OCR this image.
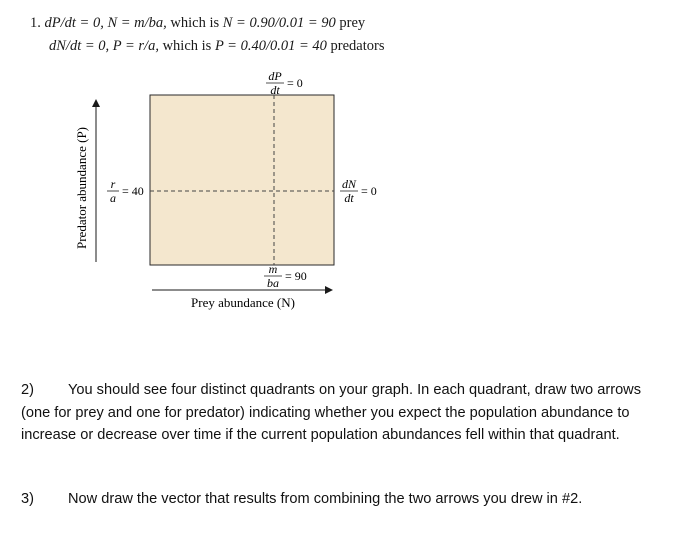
1. dP/dt = 0, N = m/ba, which is N = 0.90/0.01 = 90 prey
dN/dt = 0, P = r/a, which is P = 0.40/0.01 = 40 predators
dP
dt = 0
dN
dt = 0
r
a = 40
m
ba = 90
Predator abundance (P)
Prey abundance (N)
2)	You should see four distinct quadrants on your graph. In each quadrant, draw two arrows (one for prey and one for predator) indicating whether you expect the population abundance to increase or decrease over time if the current population abundances fell within that quadrant.
3)	Now draw the vector that results from combining the two arrows you drew in #2.
